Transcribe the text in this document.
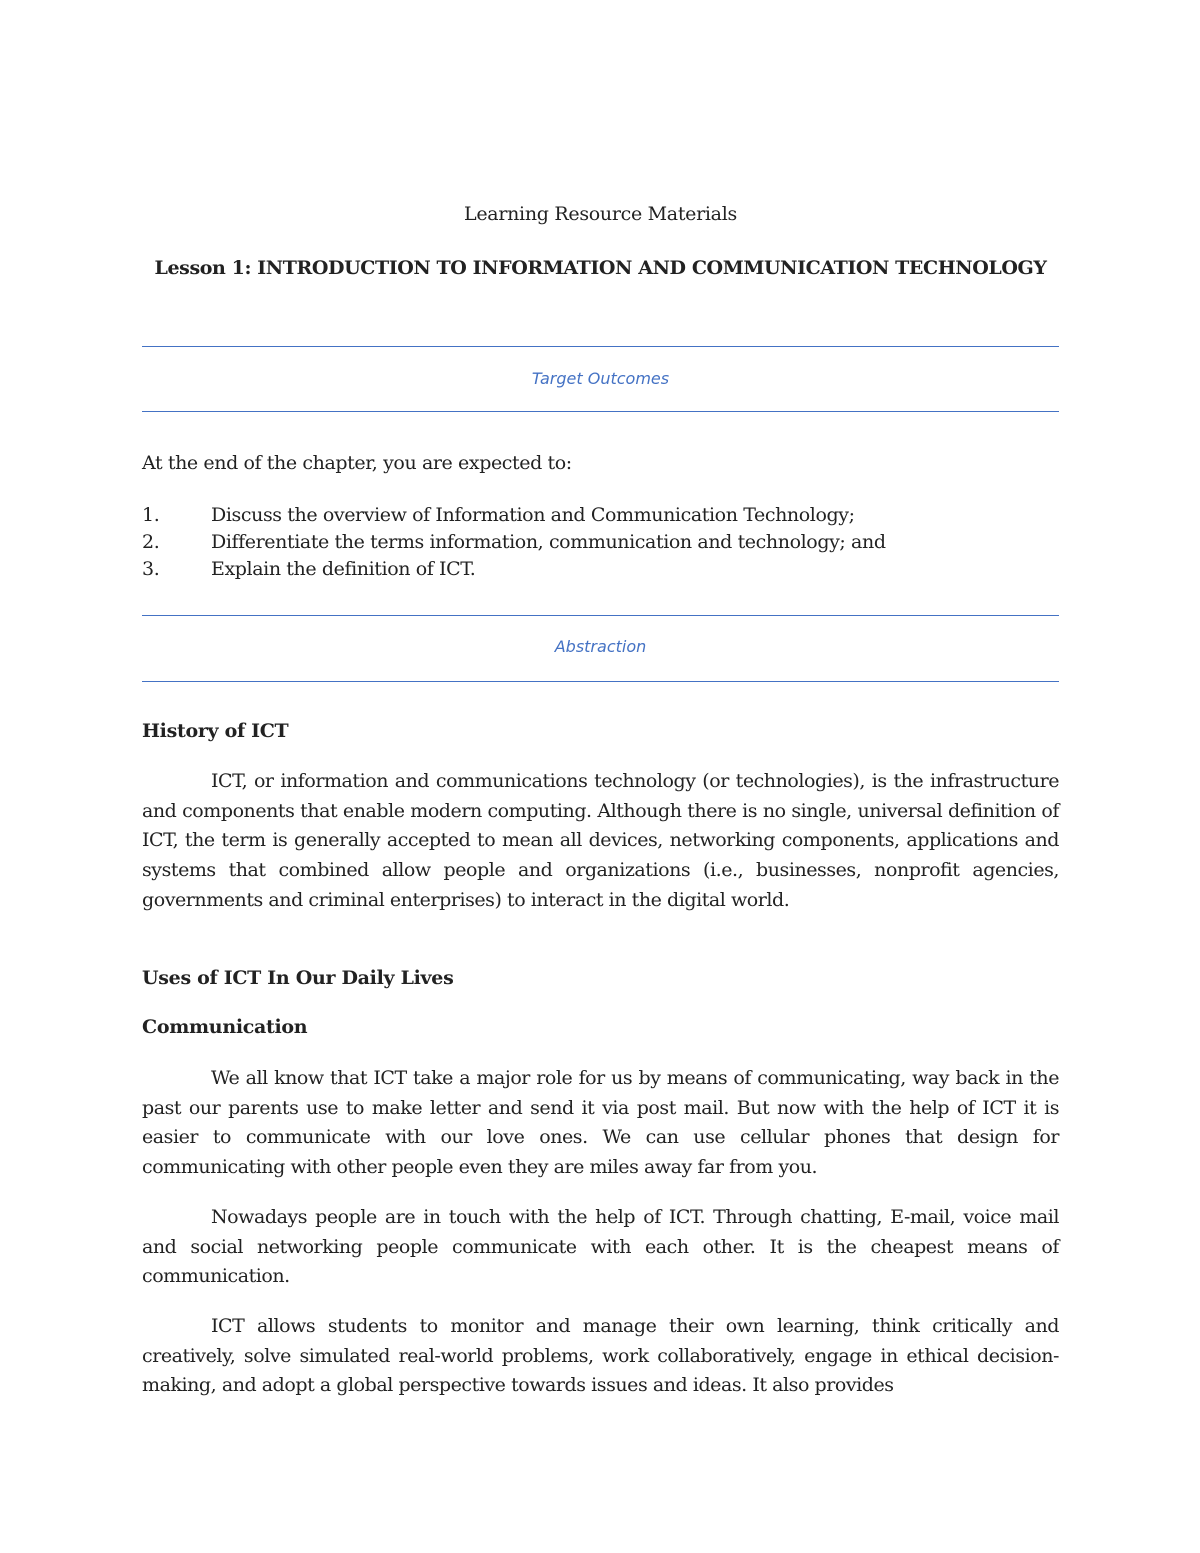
Learning Resource Materials
Lesson 1: INTRODUCTION TO INFORMATION AND COMMUNICATION TECHNOLOGY
Target Outcomes
At the end of the chapter, you are expected to:
1.	Discuss the overview of Information and Communication Technology;
2.	Differentiate the terms information, communication and technology; and
3.	Explain the definition of ICT.
Abstraction
History of ICT

ICT, or information and communications technology (or technologies), is the infrastructure and components that enable modern computing. Although there is no single, universal definition of ICT, the term is generally accepted to mean all devices, networking components, applications and systems that combined allow people and organizations (i.e., businesses, nonprofit agencies, governments and criminal enterprises) to interact in the digital world.

Uses of ICT In Our Daily Lives
Communication

We all know that ICT take a major role for us by means of communicating, way back in the past our parents use to make letter and send it via post mail. But now with the help of ICT it is easier to communicate with our love ones. We can use cellular phones that design for communicating with other people even they are miles away far from you.

Nowadays people are in touch with the help of ICT. Through chatting, E-mail, voice mail and social networking people communicate with each other. It is the cheapest means of communication.

ICT allows students to monitor and manage their own learning, think critically and creatively, solve simulated real-world problems, work collaboratively, engage in ethical decision-making, and adopt a global perspective towards issues and ideas. It also provides
